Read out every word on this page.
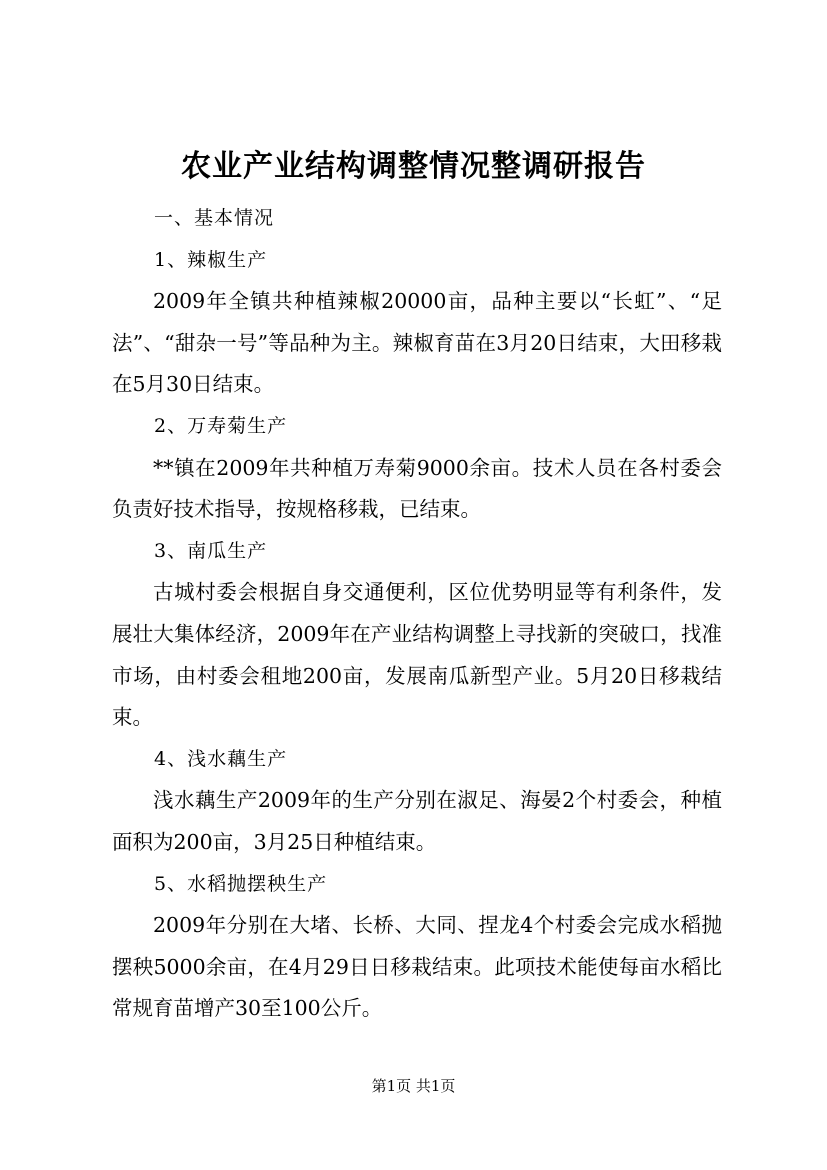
农业产业结构调整情况整调研报告

一、基本情况

1、辣椒生产

2009年全镇共种植辣椒20000亩，品种主要以“长虹”、“足法”、“甜杂一号”等品种为主。辣椒育苗在3月20日结束，大田移栽在5月30日结束。

2、万寿菊生产

**镇在2009年共种植万寿菊9000余亩。技术人员在各村委会负责好技术指导，按规格移栽，已结束。

3、南瓜生产

古城村委会根据自身交通便利，区位优势明显等有利条件，发展壮大集体经济，2009年在产业结构调整上寻找新的突破口，找准市场，由村委会租地200亩，发展南瓜新型产业。5月20日移栽结束。

4、浅水藕生产

浅水藕生产2009年的生产分别在淑足、海晏2个村委会，种植面积为200亩，3月25日种植结束。

5、水稻抛摆秧生产

2009年分别在大堵、长桥、大同、捏龙4个村委会完成水稻抛摆秧5000余亩，在4月29日日移栽结束。此项技术能使每亩水稻比常规育苗增产30至100公斤。

第1页 共1页
